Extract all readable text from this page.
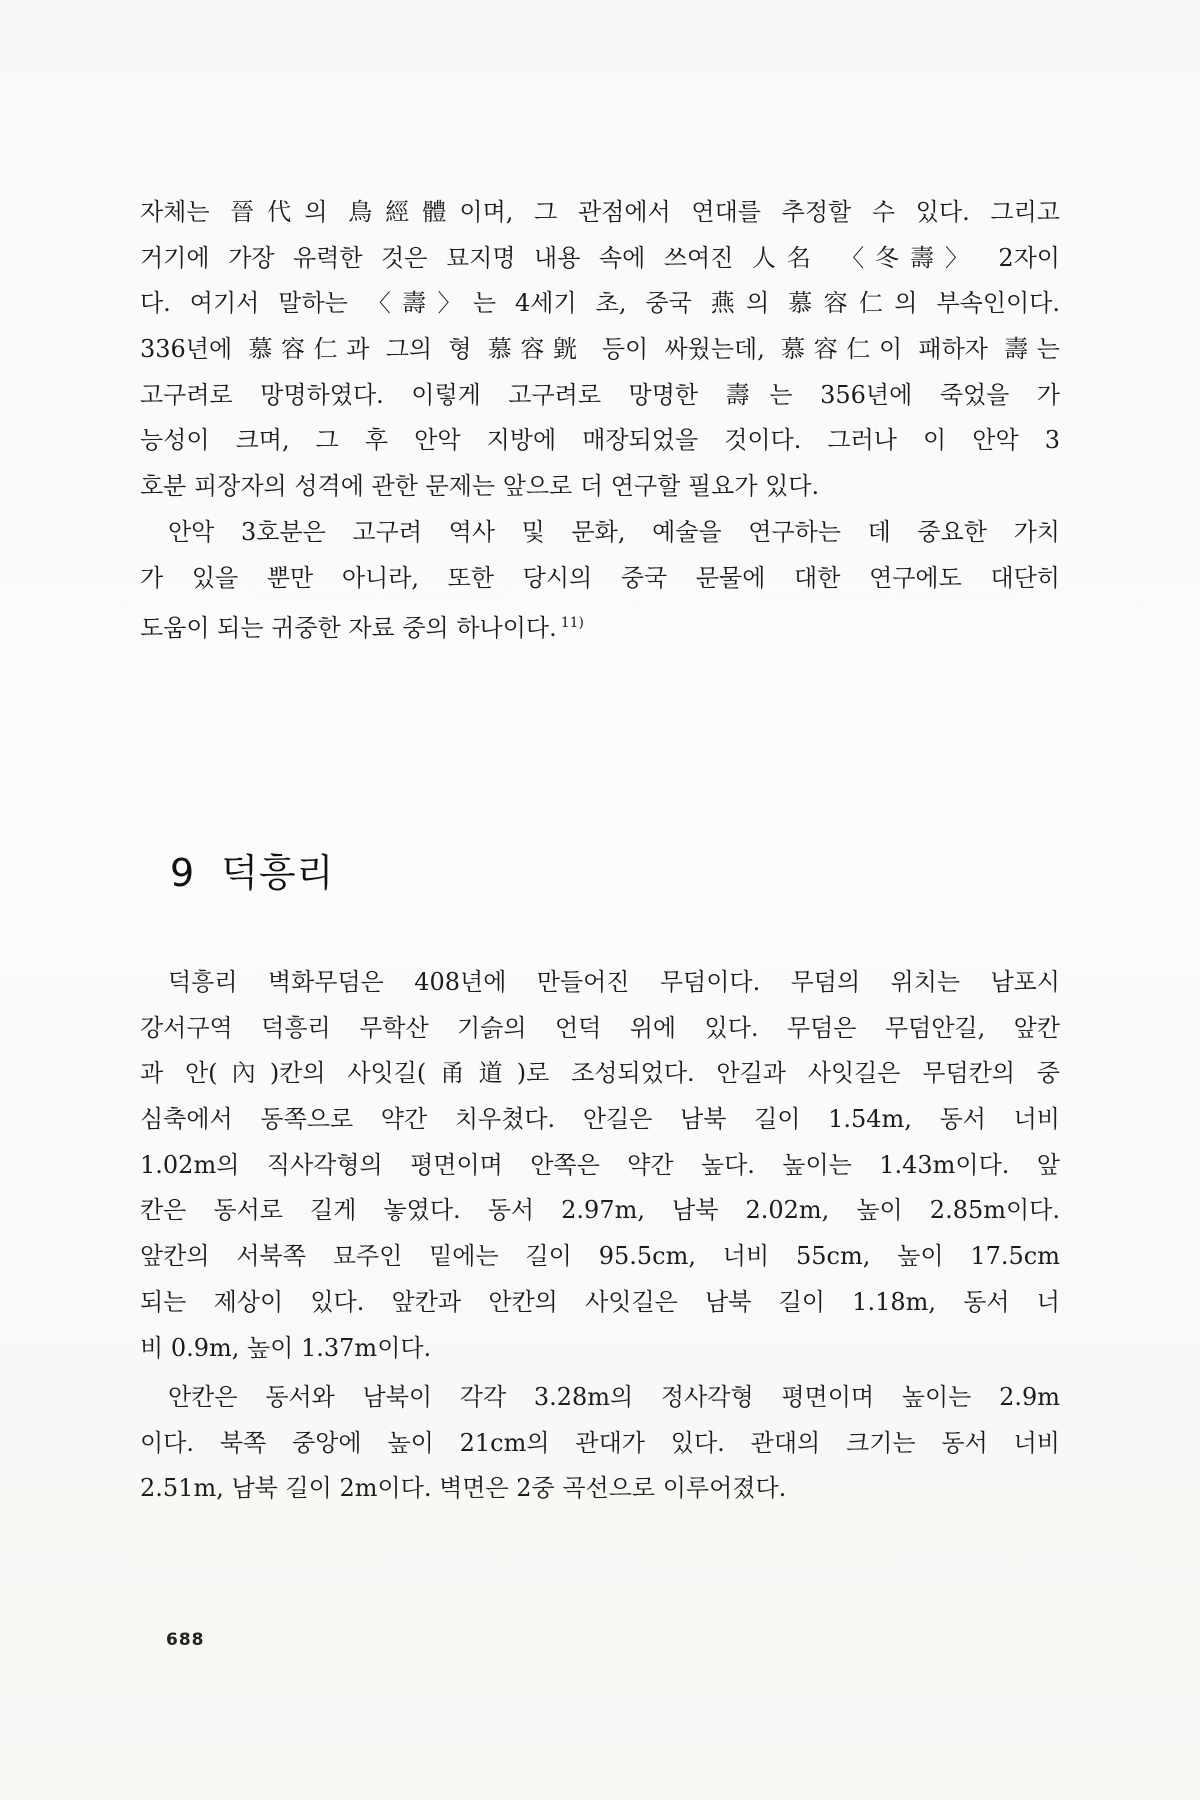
자체는 晉代의 鳥經體이며, 그 관점에서 연대를 추정할 수 있다. 그리고
거기에 가장 유력한 것은 묘지명 내용 속에 쓰여진 人名 〈冬壽〉 2자이
다. 여기서 말하는 〈壽〉는 4세기 초, 중국 燕의 慕容仁의 부속인이다.
336년에 慕容仁과 그의 형 慕容皝 등이 싸웠는데, 慕容仁이 패하자 壽는
고구려로 망명하였다. 이렇게 고구려로 망명한 壽는 356년에 죽었을 가
능성이 크며, 그 후 안악 지방에 매장되었을 것이다. 그러나 이 안악 3
호분 피장자의 성격에 관한 문제는 앞으로 더 연구할 필요가 있다.
안악 3호분은 고구려 역사 및 문화, 예술을 연구하는 데 중요한 가치
가 있을 뿐만 아니라, 또한 당시의 중국 문물에 대한 연구에도 대단히
도움이 되는 귀중한 자료 중의 하나이다. $^{11)}$
9 덕흥리
덕흥리 벽화무덤은 408년에 만들어진 무덤이다. 무덤의 위치는 남포시
강서구역 덕흥리 무학산 기슭의 언덕 위에 있다. 무덤은 무덤안길, 앞칸
과 안(內)칸의 사잇길(甬道)로 조성되었다. 안길과 사잇길은 무덤칸의 중
심축에서 동쪽으로 약간 치우쳤다. 안길은 남북 길이 1.54m, 동서 너비
1.02m의 직사각형의 평면이며 안쪽은 약간 높다. 높이는 1.43m이다. 앞
칸은 동서로 길게 놓였다. 동서 2.97m, 남북 2.02m, 높이 2.85m이다.
앞칸의 서북쪽 묘주인 밑에는 길이 95.5cm, 너비 55cm, 높이 17.5cm
되는 제상이 있다. 앞칸과 안칸의 사잇길은 남북 길이 1.18m, 동서 너
비 0.9m, 높이 1.37m이다.
안칸은 동서와 남북이 각각 3.28m의 정사각형 평면이며 높이는 2.9m
이다. 북쪽 중앙에 높이 21cm의 관대가 있다. 관대의 크기는 동서 너비
2.51m, 남북 길이 2m이다. 벽면은 2중 곡선으로 이루어졌다.
688
